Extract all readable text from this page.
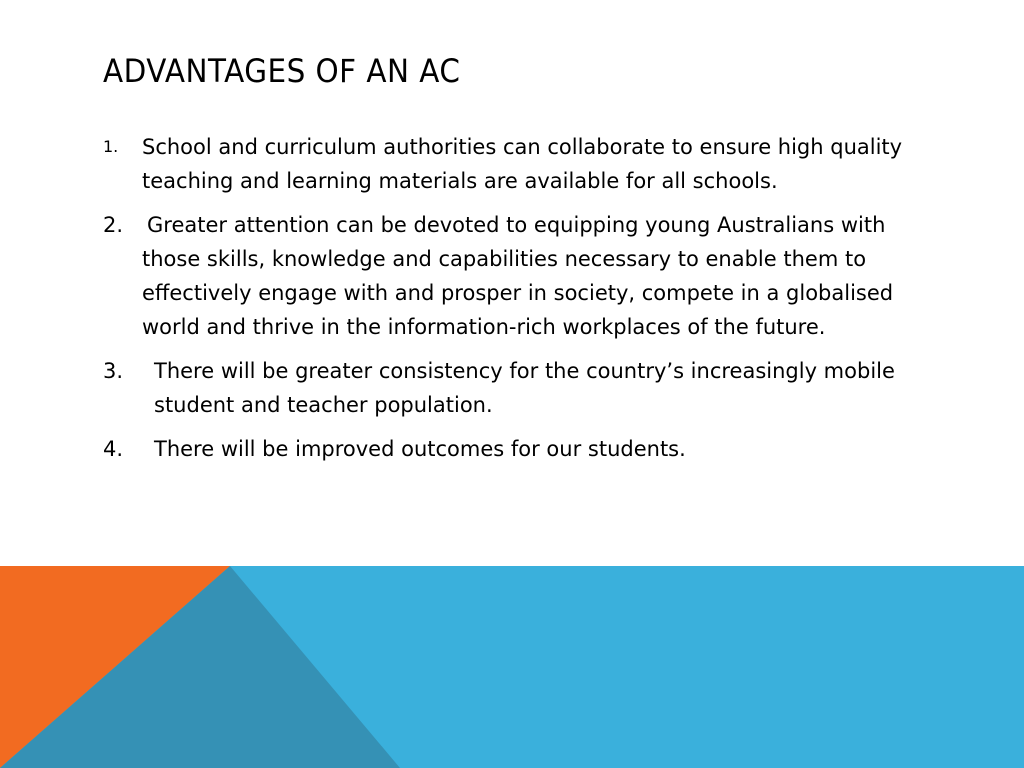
ADVANTAGES OF AN AC
1. School and curriculum authorities can collaborate to ensure high quality teaching and learning materials are available for all schools.
2. Greater attention can be devoted to equipping young Australians with those skills, knowledge and capabilities necessary to enable them to effectively engage with and prosper in society, compete in a globalised world and thrive in the information-rich workplaces of the future.
3. There will be greater consistency for the country’s increasingly mobile student and teacher population.
4. There will be improved outcomes for our students.
